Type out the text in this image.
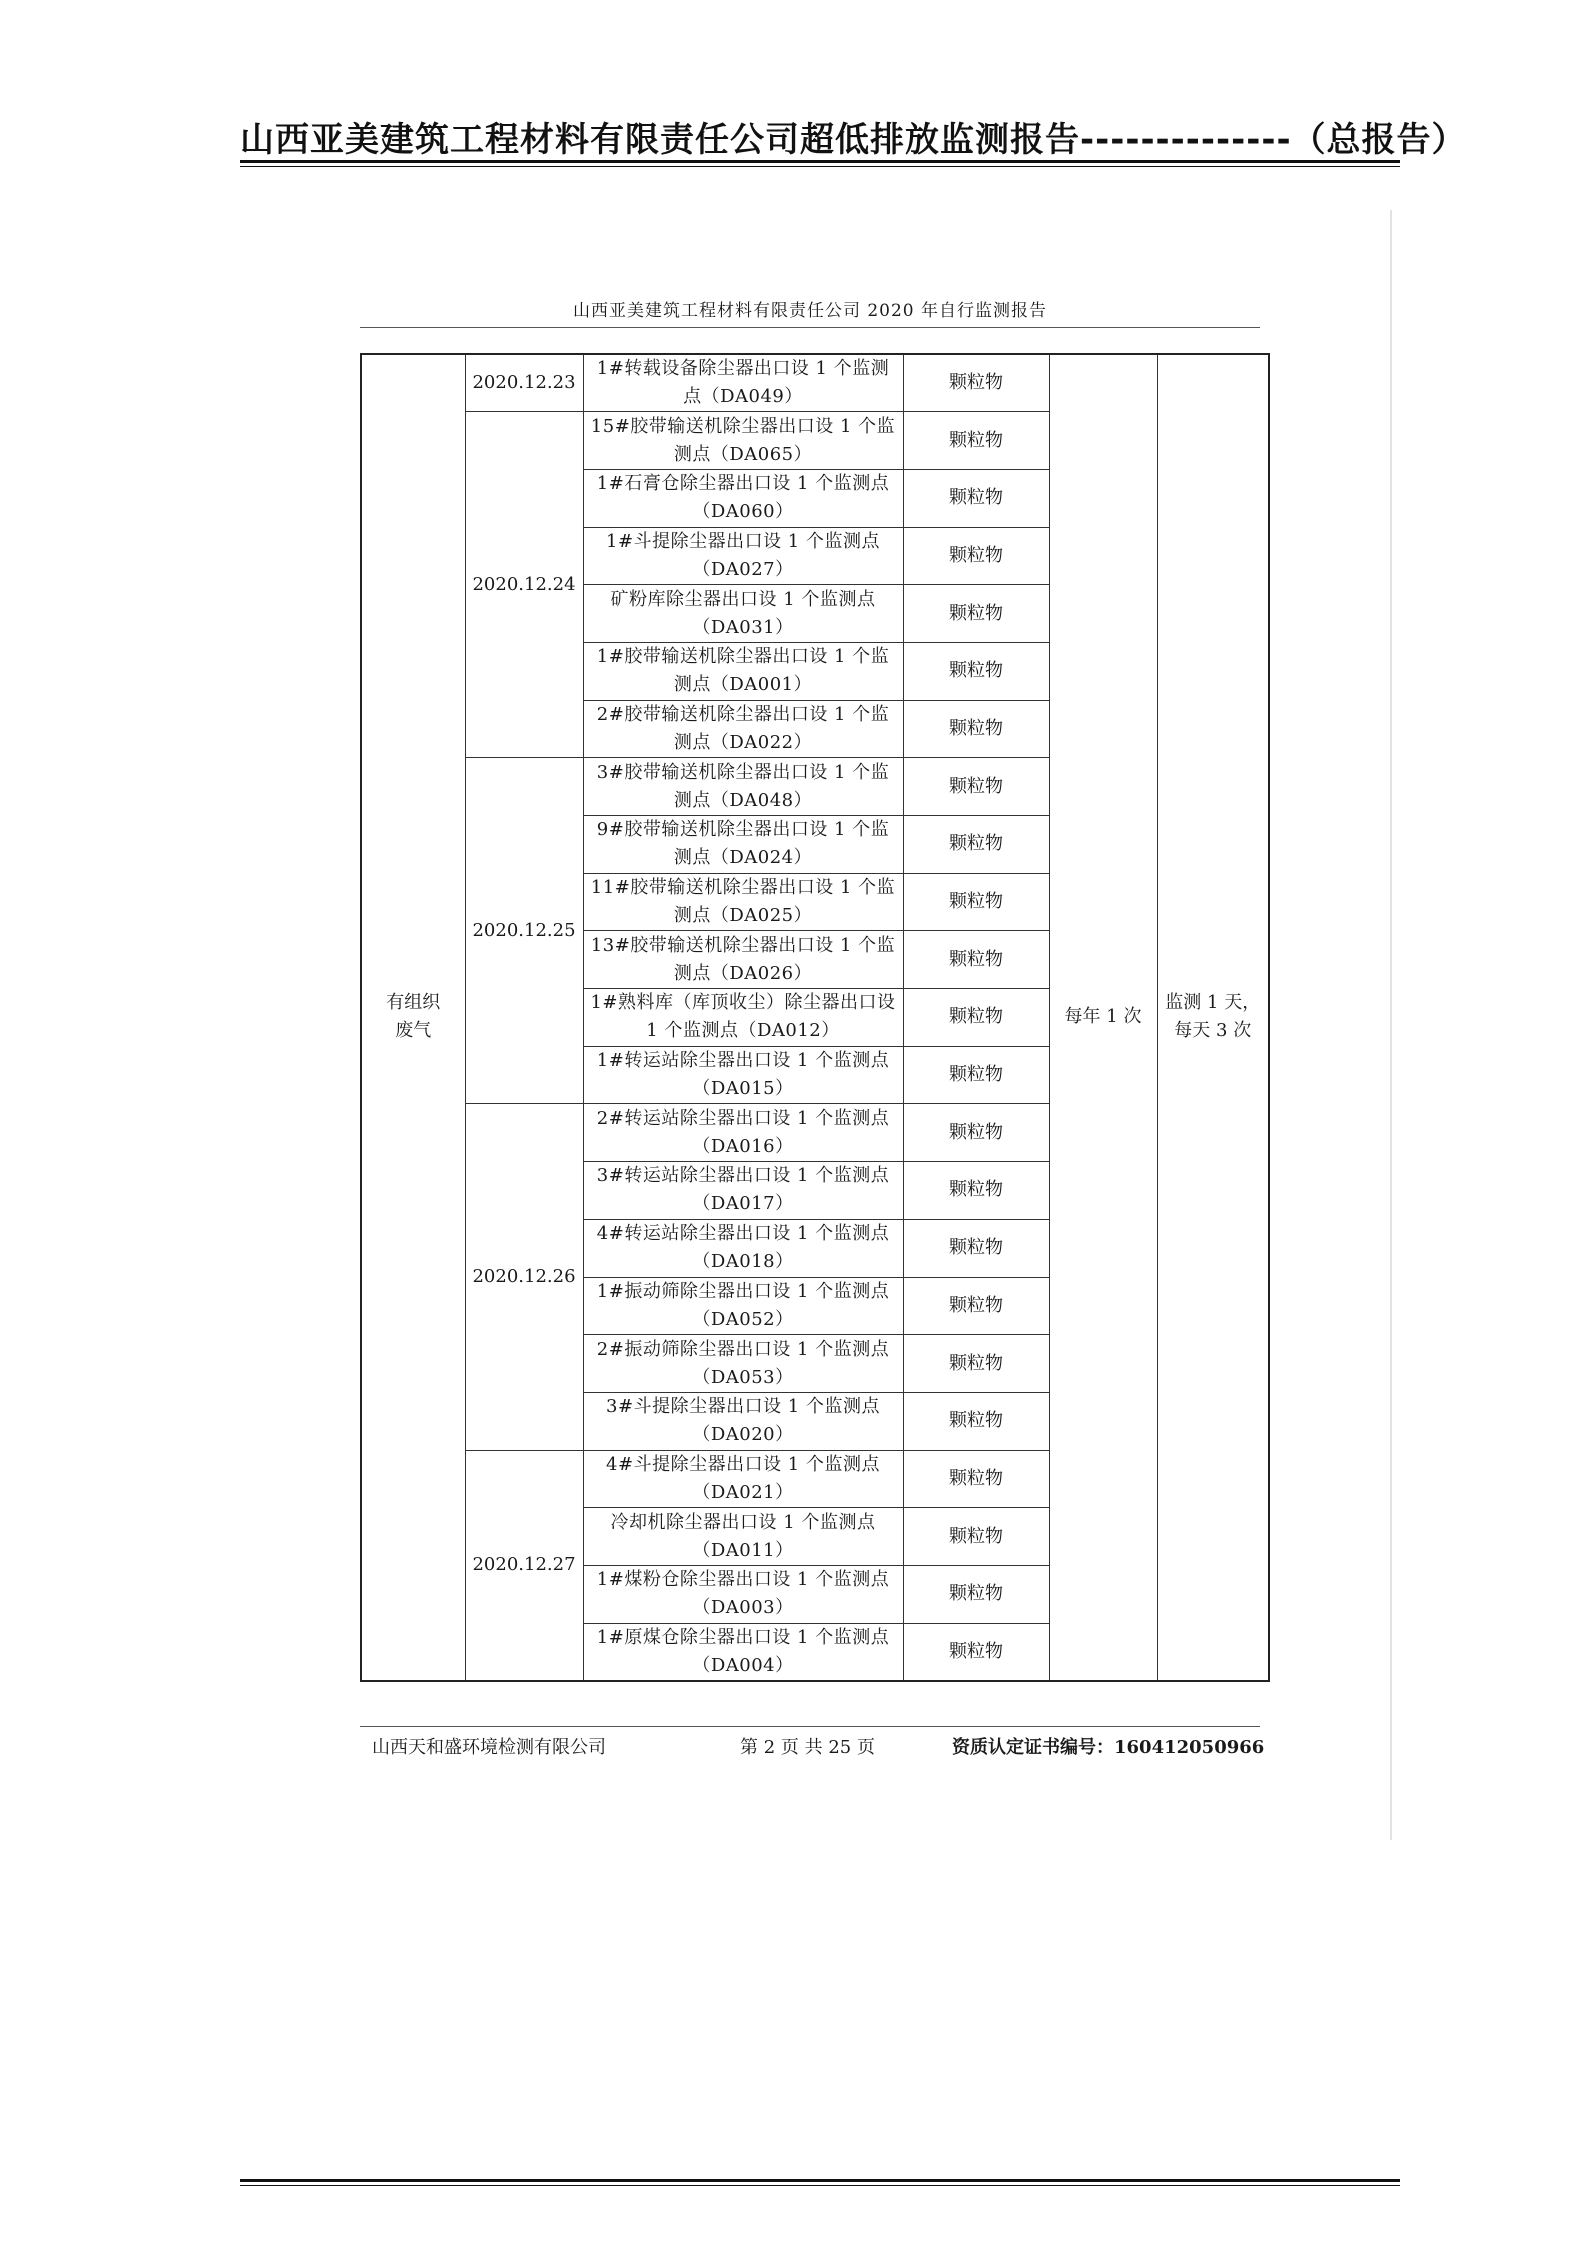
山西亚美建筑工程材料有限责任公司超低排放监测报告--------------（总报告）
山西亚美建筑工程材料有限责任公司 2020 年自行监测报告
有组织
废气	2020.12.23	1#转载设备除尘器出口设 1 个监测点（DA049）	颗粒物	每年 1 次	监测 1 天，
每天 3 次
	2020.12.24	15#胶带输送机除尘器出口设 1 个监测点（DA065）	颗粒物		
		1#石膏仓除尘器出口设 1 个监测点（DA060）	颗粒物		
		1#斗提除尘器出口设 1 个监测点（DA027）	颗粒物		
		矿粉库除尘器出口设 1 个监测点（DA031）	颗粒物		
		1#胶带输送机除尘器出口设 1 个监测点（DA001）	颗粒物		
		2#胶带输送机除尘器出口设 1 个监测点（DA022）	颗粒物		
	2020.12.25	3#胶带输送机除尘器出口设 1 个监测点（DA048）	颗粒物		
		9#胶带输送机除尘器出口设 1 个监测点（DA024）	颗粒物		
		11#胶带输送机除尘器出口设 1 个监测点（DA025）	颗粒物		
		13#胶带输送机除尘器出口设 1 个监测点（DA026）	颗粒物		
		1#熟料库（库顶收尘）除尘器出口设 1 个监测点（DA012）	颗粒物		
		1#转运站除尘器出口设 1 个监测点（DA015）	颗粒物		
	2020.12.26	2#转运站除尘器出口设 1 个监测点（DA016）	颗粒物		
		3#转运站除尘器出口设 1 个监测点（DA017）	颗粒物		
		4#转运站除尘器出口设 1 个监测点（DA018）	颗粒物		
		1#振动筛除尘器出口设 1 个监测点（DA052）	颗粒物		
		2#振动筛除尘器出口设 1 个监测点（DA053）	颗粒物		
		3#斗提除尘器出口设 1 个监测点（DA020）	颗粒物		
	2020.12.27	4#斗提除尘器出口设 1 个监测点（DA021）	颗粒物		
		冷却机除尘器出口设 1 个监测点（DA011）	颗粒物		
		1#煤粉仓除尘器出口设 1 个监测点（DA003）	颗粒物		
		1#原煤仓除尘器出口设 1 个监测点（DA004）	颗粒物		
山西天和盛环境检测有限公司	第 2 页 共 25 页	资质认定证书编号：160412050966
